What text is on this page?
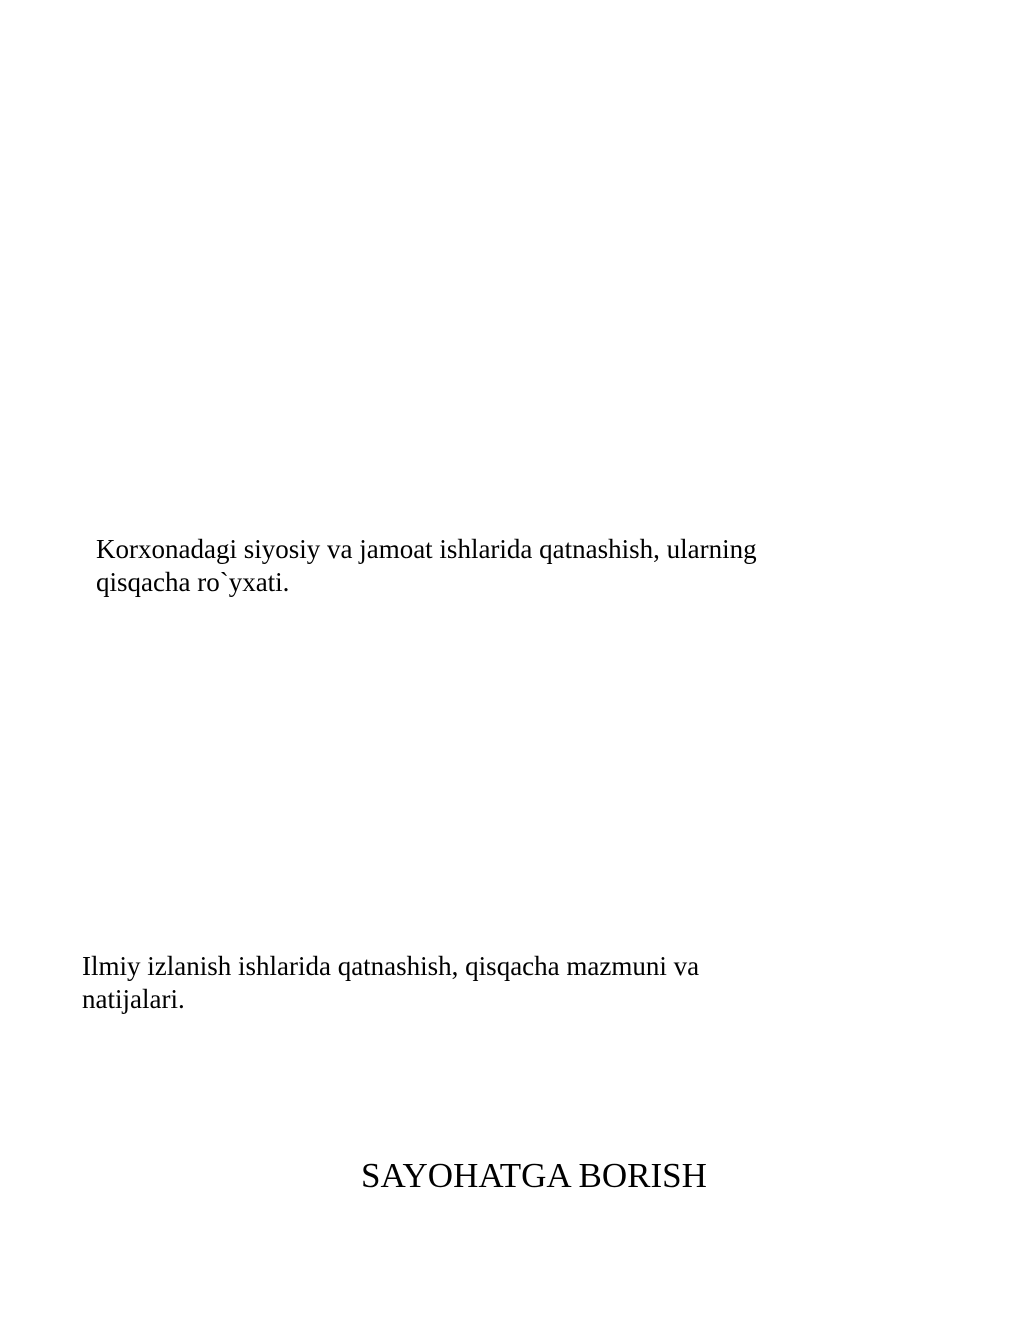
Korxonadagi siyosiy va jamoat ishlarida qatnashish, ularning
qisqacha ro`yxati.

Ilmiy izlanish ishlarida qatnashish, qisqacha mazmuni va
natijalari.

SAYOHATGA BORISH
